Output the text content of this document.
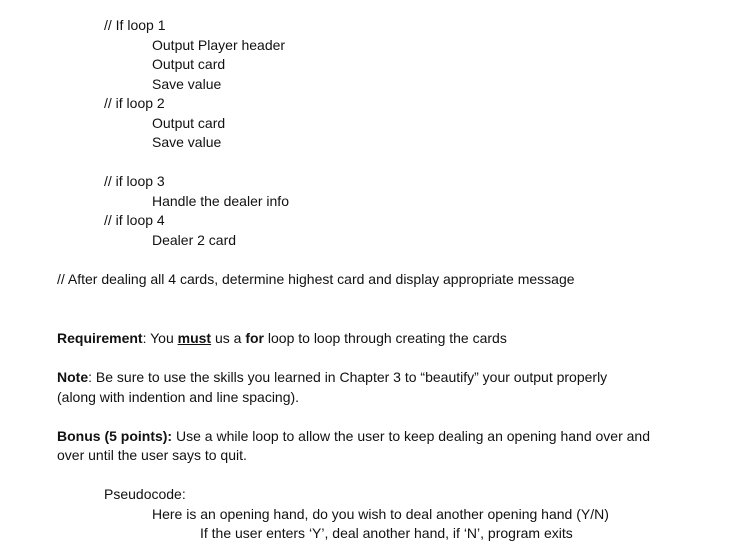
// If loop 1
Output Player header
Output card
Save value
// if loop 2
Output card
Save value
// if loop 3
Handle the dealer info
// if loop 4
Dealer 2 card
// After dealing all 4 cards, determine highest card and display appropriate message
Requirement: You must us a for loop to loop through creating the cards
Note: Be sure to use the skills you learned in Chapter 3 to “beautify” your output properly
(along with indention and line spacing).
Bonus (5 points): Use a while loop to allow the user to keep dealing an opening hand over and
over until the user says to quit.
Pseudocode:
Here is an opening hand, do you wish to deal another opening hand (Y/N)
If the user enters ‘Y’, deal another hand, if ‘N’, program exits
